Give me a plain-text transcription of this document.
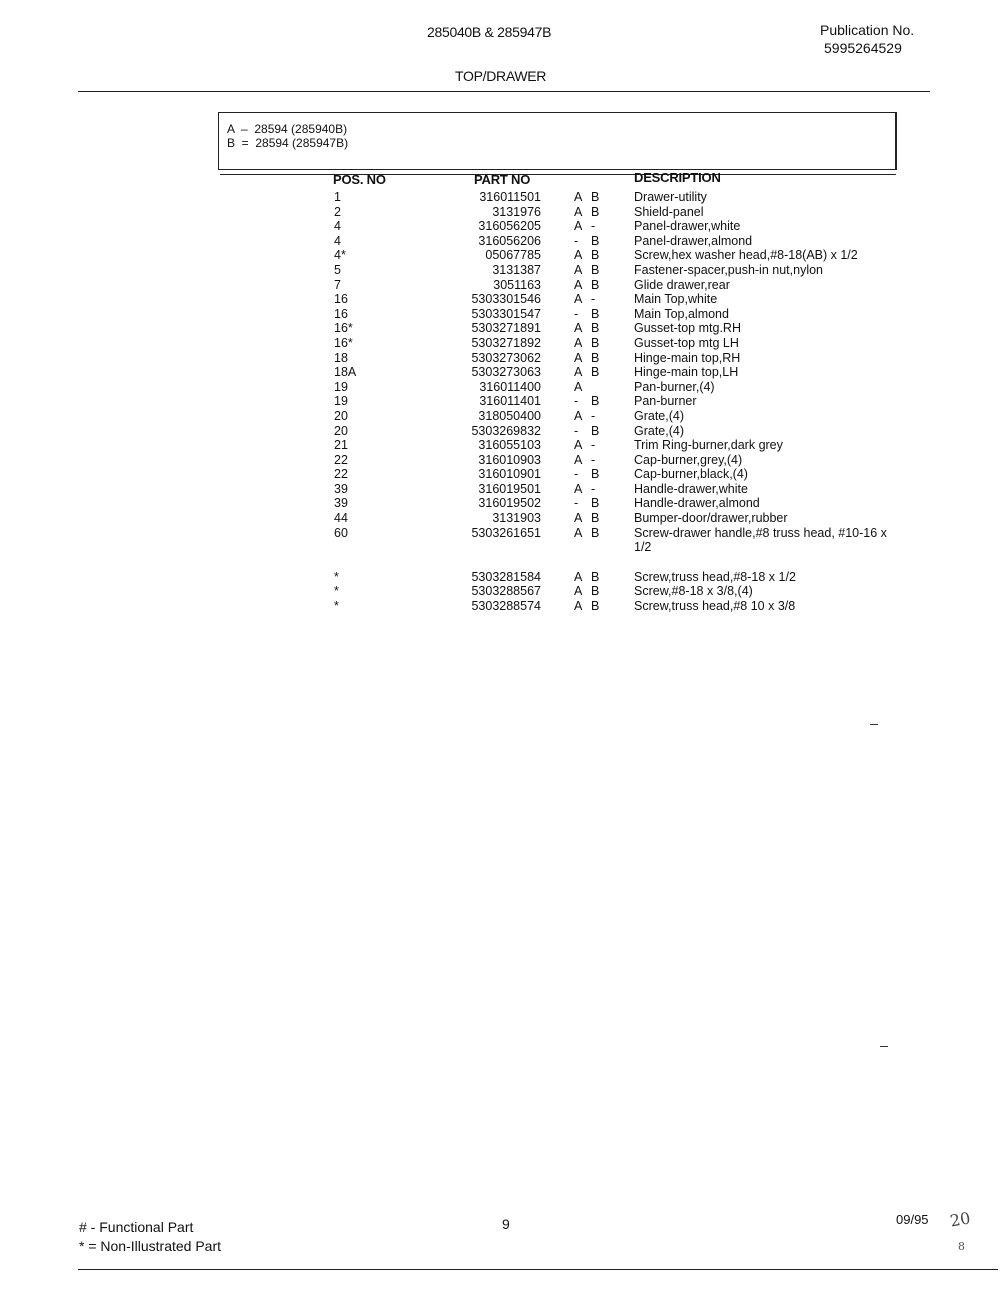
285040B & 285947B	Publication No.
5995264529
TOP/DRAWER
A  –  28594 (285940B)
B  =  28594 (285947B)
POS. NO	PART NO	DESCRIPTION
1	316011501	A B	Drawer-utility
2	3131976	A B	Shield-panel
4	316056205	A -	Panel-drawer,white
4	316056206	- B	Panel-drawer,almond
4*	05067785	A B	Screw,hex washer head,#8-18(AB) x 1/2
5	3131387	A B	Fastener-spacer,push-in nut,nylon
7	3051163	A B	Glide drawer,rear
16	5303301546	A -	Main Top,white
16	5303301547	- B	Main Top,almond
16*	5303271891	A B	Gusset-top mtg.RH
16*	5303271892	A B	Gusset-top mtg LH
18	5303273062	A B	Hinge-main top,RH
18A	5303273063	A B	Hinge-main top,LH
19	316011400	A	Pan-burner,(4)
19	316011401	- B	Pan-burner
20	318050400	A -	Grate,(4)
20	5303269832	- B	Grate,(4)
21	316055103	A -	Trim Ring-burner,dark grey
22	316010903	A -	Cap-burner,grey,(4)
22	316010901	- B	Cap-burner,black,(4)
39	316019501	A -	Handle-drawer,white
39	316019502	- B	Handle-drawer,almond
44	3131903	A B	Bumper-door/drawer,rubber
60	5303261651	A B	Screw-drawer handle,#8 truss head, #10-16 x 1/2
*	5303281584	A B	Screw,truss head,#8-18 x 1/2
*	5303288567	A B	Screw,#8-18 x 3/8,(4)
*	5303288574	A B	Screw,truss head,#8 10 x 3/8
# - Functional Part
* = Non-Illustrated Part
9	09/95 20
8
